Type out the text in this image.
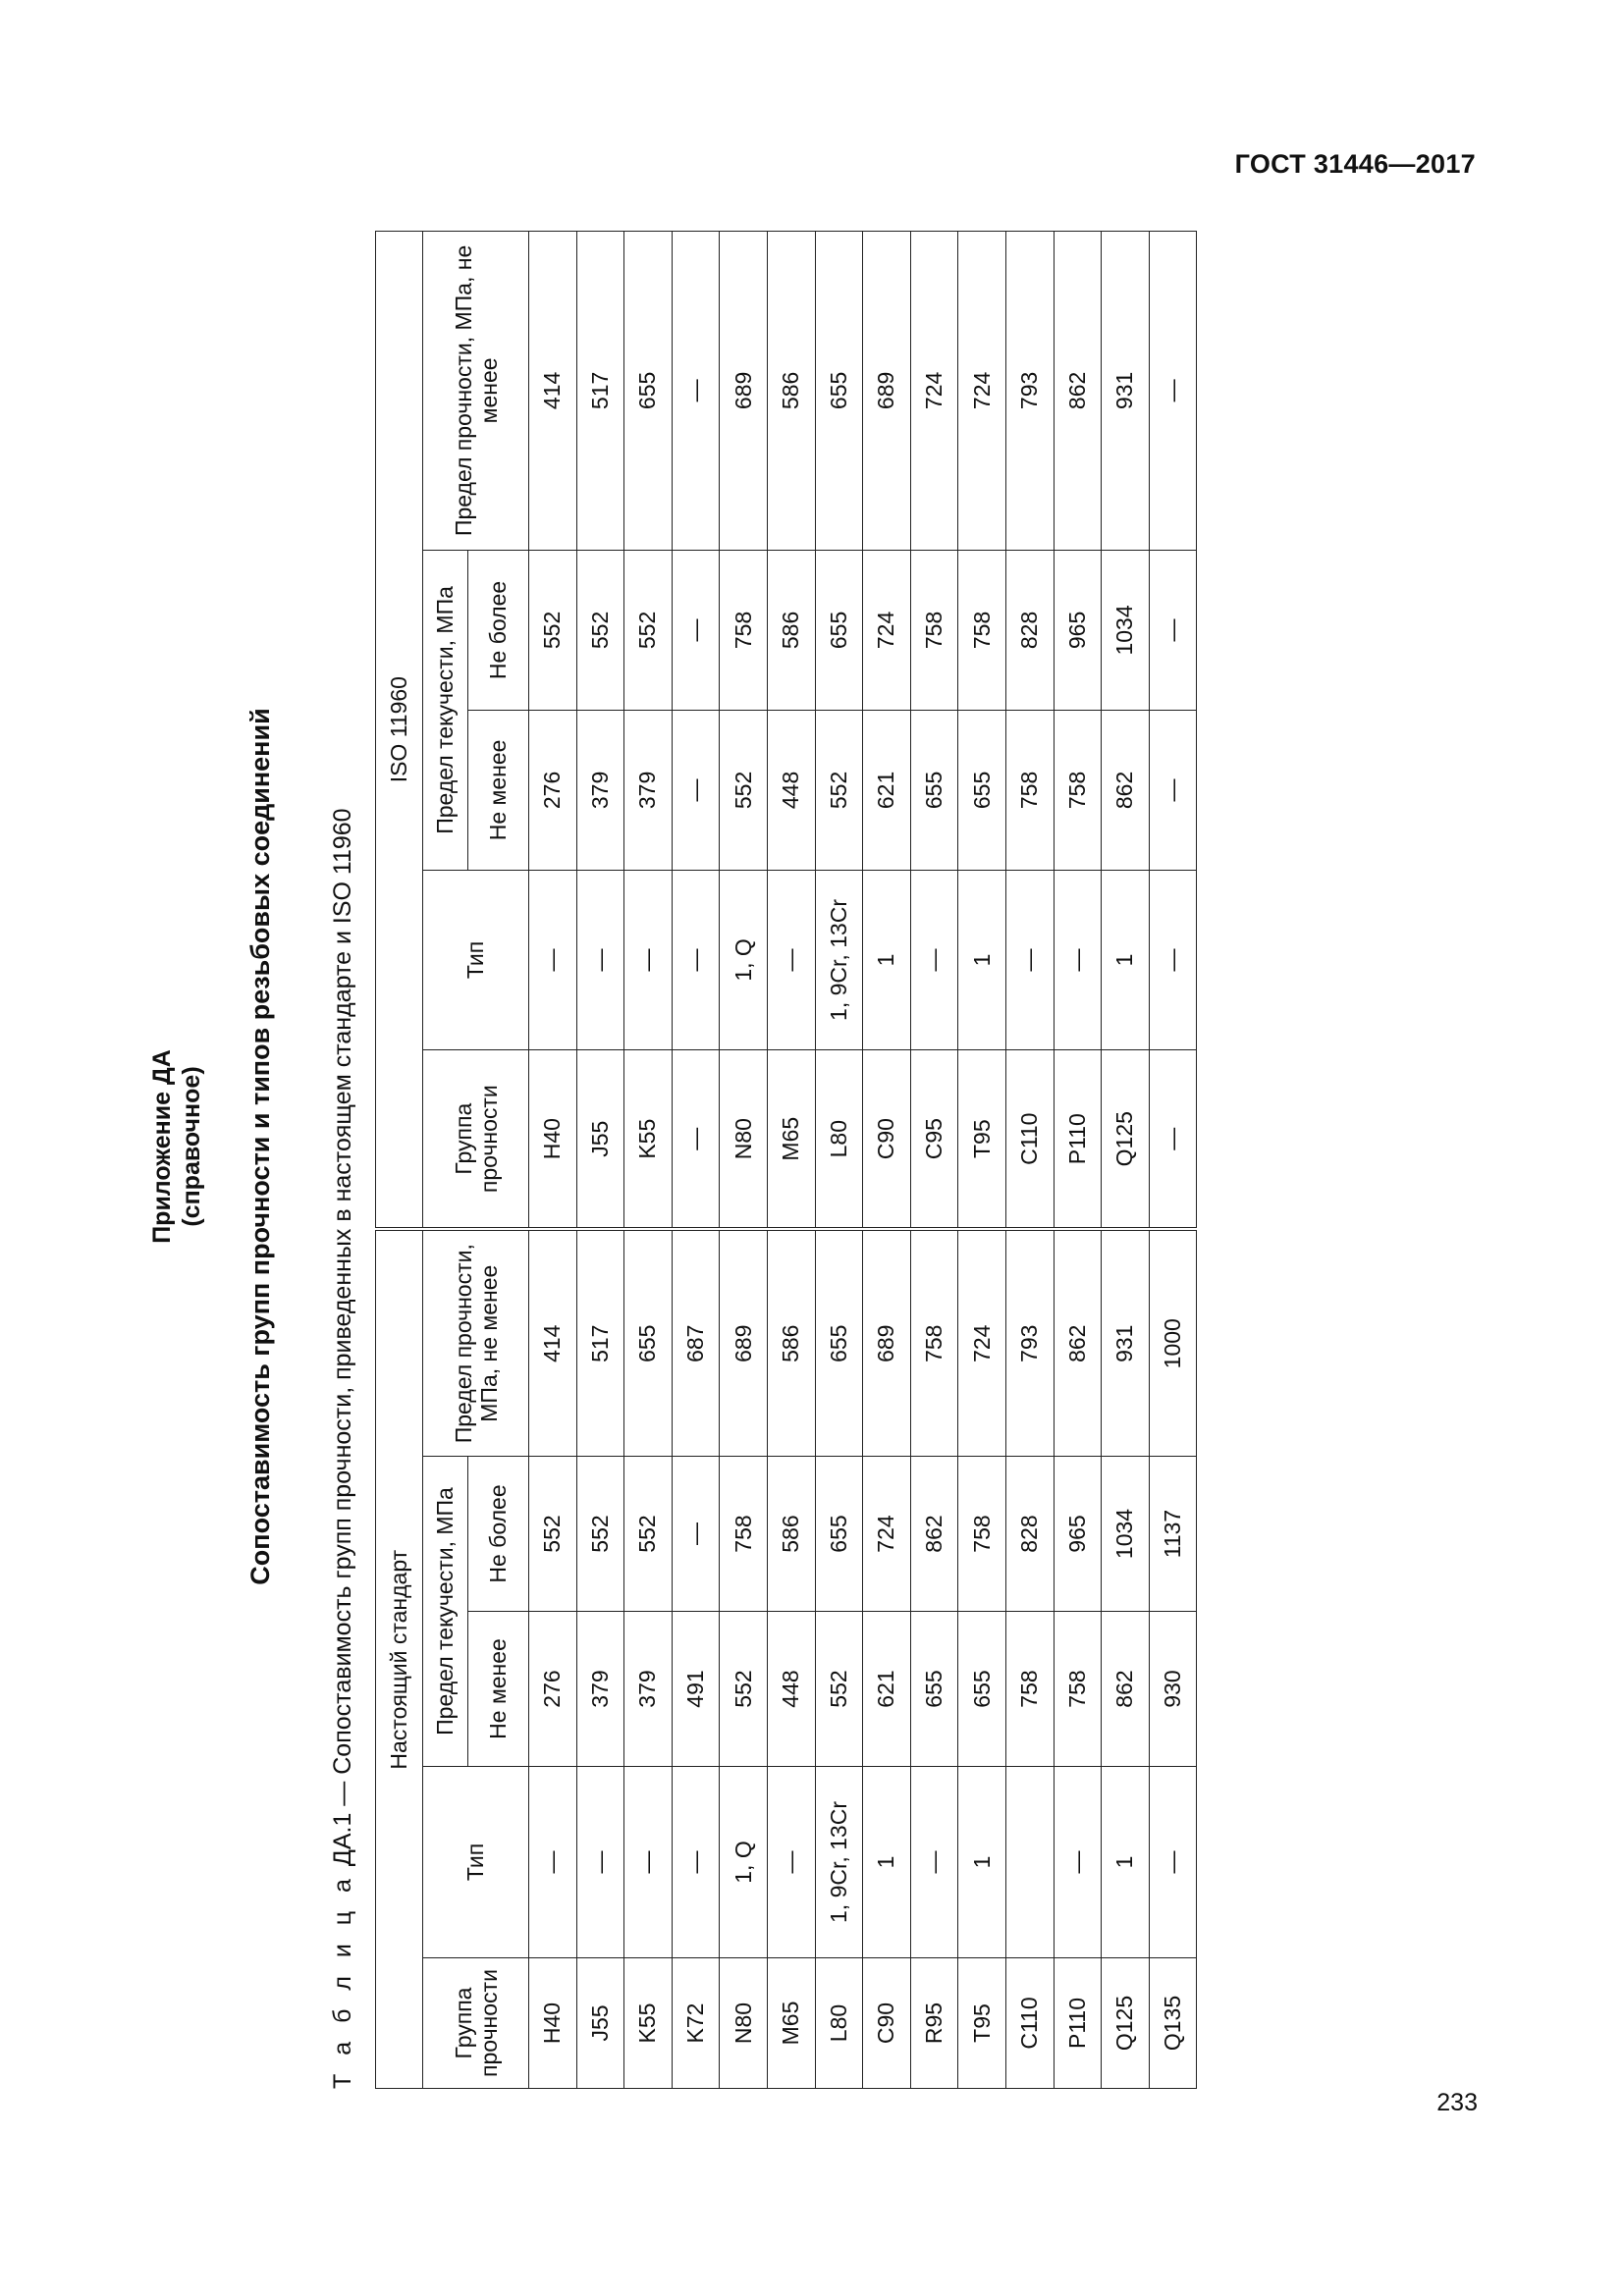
ГОСТ 31446—2017
Приложение ДА (справочное) Сопоставимость групп прочности и типов резьбовых соединений
Т а б л и ц а ДА.1 — Сопоставимость групп прочности, приведенных в настоящем стандарте и ISO 11960 Настоящий стандарт					ISO 11960				
Группа прочности	Тип	Предел текучести, МПа		Предел прочности, МПа, не менее	Группа прочности	Тип	Предел текучести, МПа		Предел прочности, МПа, не менее
		Не менее	Не более				Не менее	Не более	
Н40	—	276	552	414	Н40	—	276	552	414
J55	—	379	552	517	J55	—	379	552	517
K55	—	379	552	655	K55	—	379	552	655
K72	—	491	—	687	—	—	—	—	—
N80	1, Q	552	758	689	N80	1, Q	552	758	689
M65	—	448	586	586	M65	—	448	586	586
L80	1, 9Cr, 13Cr	552	655	655	L80	1, 9Cr, 13Cr	552	655	655
C90	1	621	724	689	C90	1	621	724	689
R95	—	655	862	758	C95	—	655	758	724
T95	1	655	758	724	T95	1	655	758	724
C110		758	828	793	C110	—	758	828	793
P110	—	758	965	862	P110	—	758	965	862
Q125	1	862	1034	931	Q125	1	862	1034	931
Q135	—	930	1137	1000	—	—	—	—	—
233
